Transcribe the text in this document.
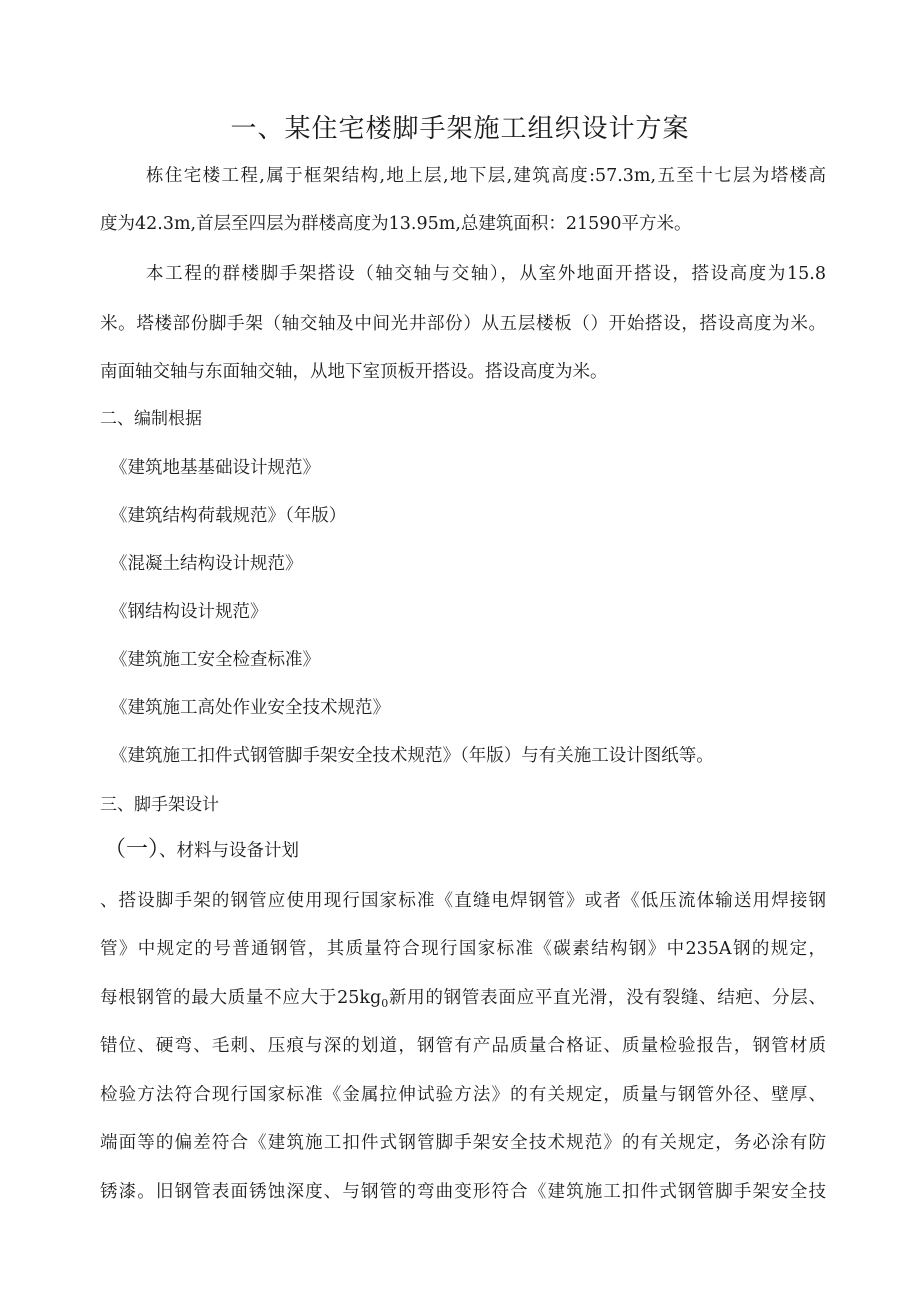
一、某住宅楼脚手架施工组织设计方案
栋住宅楼工程,属于框架结构,地上层,地下层,建筑高度:57.3m,五至十七层为塔楼高
度为42.3m,首层至四层为群楼高度为13.95m,总建筑面积：21590平方米。
本工程的群楼脚手架搭设（轴交轴与交轴），从室外地面开搭设，搭设高度为15.8
米。塔楼部份脚手架（轴交轴及中间光井部份）从五层楼板（）开始搭设，搭设高度为米。
南面轴交轴与东面轴交轴，从地下室顶板开搭设。搭设高度为米。
二、编制根据
《建筑地基基础设计规范》
《建筑结构荷载规范》（年版）
《混凝土结构设计规范》
《钢结构设计规范》
《建筑施工安全检查标准》
《建筑施工高处作业安全技术规范》
《建筑施工扣件式钢管脚手架安全技术规范》（年版）与有关施工设计图纸等。
三、脚手架设计
（一）、材料与设备计划
、搭设脚手架的钢管应使用现行国家标准《直缝电焊钢管》或者《低压流体输送用焊接钢
管》中规定的号普通钢管，其质量符合现行国家标准《碳素结构钢》中235A钢的规定，
每根钢管的最大质量不应大于$25kg_0$新用的钢管表面应平直光滑，没有裂缝、结疤、分层、
错位、硬弯、毛刺、压痕与深的划道，钢管有产品质量合格证、质量检验报告，钢管材质
检验方法符合现行国家标准《金属拉伸试验方法》的有关规定，质量与钢管外径、壁厚、
端面等的偏差符合《建筑施工扣件式钢管脚手架安全技术规范》的有关规定，务必涂有防
锈漆。旧钢管表面锈蚀深度、与钢管的弯曲变形符合《建筑施工扣件式钢管脚手架安全技
